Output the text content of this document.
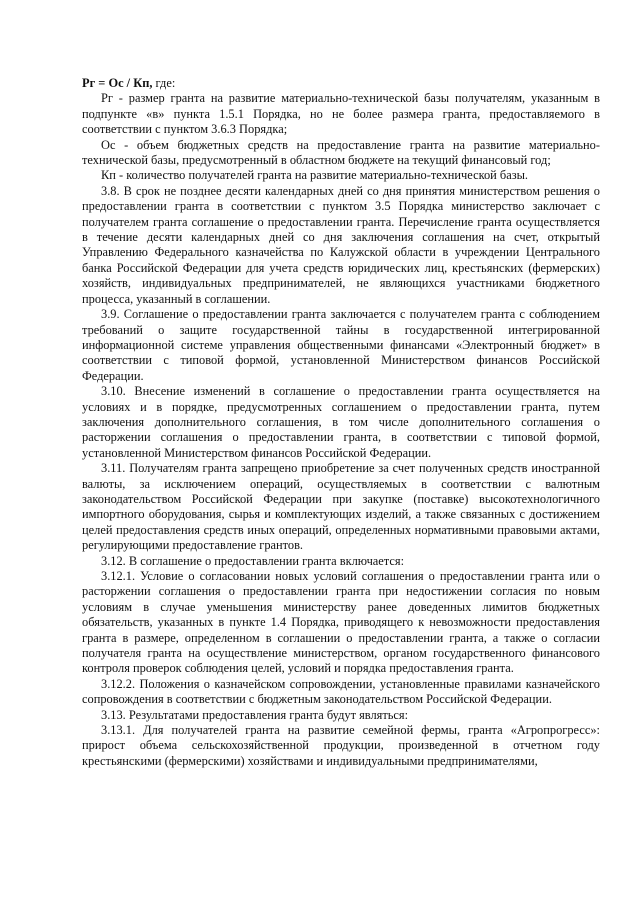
Рг = Ос / Кп, где:

Рг - размер гранта на развитие материально-технической базы получателям, указанным в подпункте «в» пункта 1.5.1 Порядка, но не более размера гранта, предоставляемого в соответствии с пунктом 3.6.3 Порядка;

Ос - объем бюджетных средств на предоставление гранта на развитие материально-технической базы, предусмотренный в областном бюджете на текущий финансовый год;

Кп - количество получателей гранта на развитие материально-технической базы.

3.8. В срок не позднее десяти календарных дней со дня принятия министерством решения о предоставлении гранта в соответствии с пунктом 3.5 Порядка министерство заключает с получателем гранта соглашение о предоставлении гранта. Перечисление гранта осуществляется в течение десяти календарных дней со дня заключения соглашения на счет, открытый Управлению Федерального казначейства по Калужской области в учреждении Центрального банка Российской Федерации для учета средств юридических лиц, крестьянских (фермерских) хозяйств, индивидуальных предпринимателей, не являющихся участниками бюджетного процесса, указанный в соглашении.

3.9. Соглашение о предоставлении гранта заключается с получателем гранта с соблюдением требований о защите государственной тайны в государственной интегрированной информационной системе управления общественными финансами «Электронный бюджет» в соответствии с типовой формой, установленной Министерством финансов Российской Федерации.

3.10. Внесение изменений в соглашение о предоставлении гранта осуществляется на условиях и в порядке, предусмотренных соглашением о предоставлении гранта, путем заключения дополнительного соглашения, в том числе дополнительного соглашения о расторжении соглашения о предоставлении гранта, в соответствии с типовой формой, установленной Министерством финансов Российской Федерации.

3.11. Получателям гранта запрещено приобретение за счет полученных средств иностранной валюты, за исключением операций, осуществляемых в соответствии с валютным законодательством Российской Федерации при закупке (поставке) высокотехнологичного импортного оборудования, сырья и комплектующих изделий, а также связанных с достижением целей предоставления средств иных операций, определенных нормативными правовыми актами, регулирующими предоставление грантов.

3.12. В соглашение о предоставлении гранта включается:

3.12.1. Условие о согласовании новых условий соглашения о предоставлении гранта или о расторжении соглашения о предоставлении гранта при недостижении согласия по новым условиям в случае уменьшения министерству ранее доведенных лимитов бюджетных обязательств, указанных в пункте 1.4 Порядка, приводящего к невозможности предоставления гранта в размере, определенном в соглашении о предоставлении гранта, а также о согласии получателя гранта на осуществление министерством, органом государственного финансового контроля проверок соблюдения целей, условий и порядка предоставления гранта.

3.12.2. Положения о казначейском сопровождении, установленные правилами казначейского сопровождения в соответствии с бюджетным законодательством Российской Федерации.

3.13. Результатами предоставления гранта будут являться:

3.13.1. Для получателей гранта на развитие семейной фермы, гранта «Агропрогресс»: прирост объема сельскохозяйственной продукции, произведенной в отчетном году крестьянскими (фермерскими) хозяйствами и индивидуальными предпринимателями,
